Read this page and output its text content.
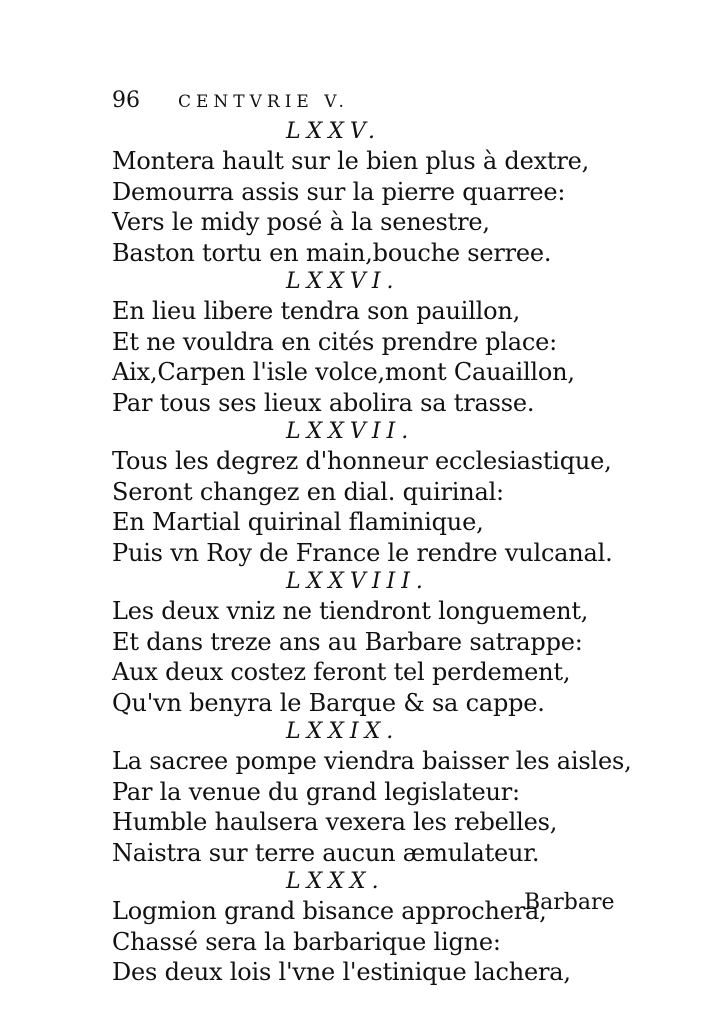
96 CENTVRIE V.
LXXV.
Montera hault sur le bien plus à dextre,
Demourra assis sur la pierre quarree:
Vers le midy posé à la senestre,
Baston tortu en main,bouche serree.
LXXVI.
En lieu libere tendra son pauillon,
Et ne vouldra en cités prendre place:
Aix,Carpen l'isle volce,mont Cauaillon,
Par tous ses lieux abolira sa trasse.
LXXVII.
Tous les degrez d'honneur ecclesiastique,
Seront changez en dial. quirinal:
En Martial quirinal flaminique,
Puis vn Roy de France le rendre vulcanal.
LXXVIII.
Les deux vniz ne tiendront longuement,
Et dans treze ans au Barbare satrappe:
Aux deux costez feront tel perdement,
Qu'vn benyra le Barque & sa cappe.
LXXIX.
La sacree pompe viendra baisser les aisles,
Par la venue du grand legislateur:
Humble haulsera vexera les rebelles,
Naistra sur terre aucun æmulateur.
LXXX.
Logmion grand bisance approchera,
Chassé sera la barbarique ligne:
Des deux lois l'vne l'estinique lachera,
Barbare
